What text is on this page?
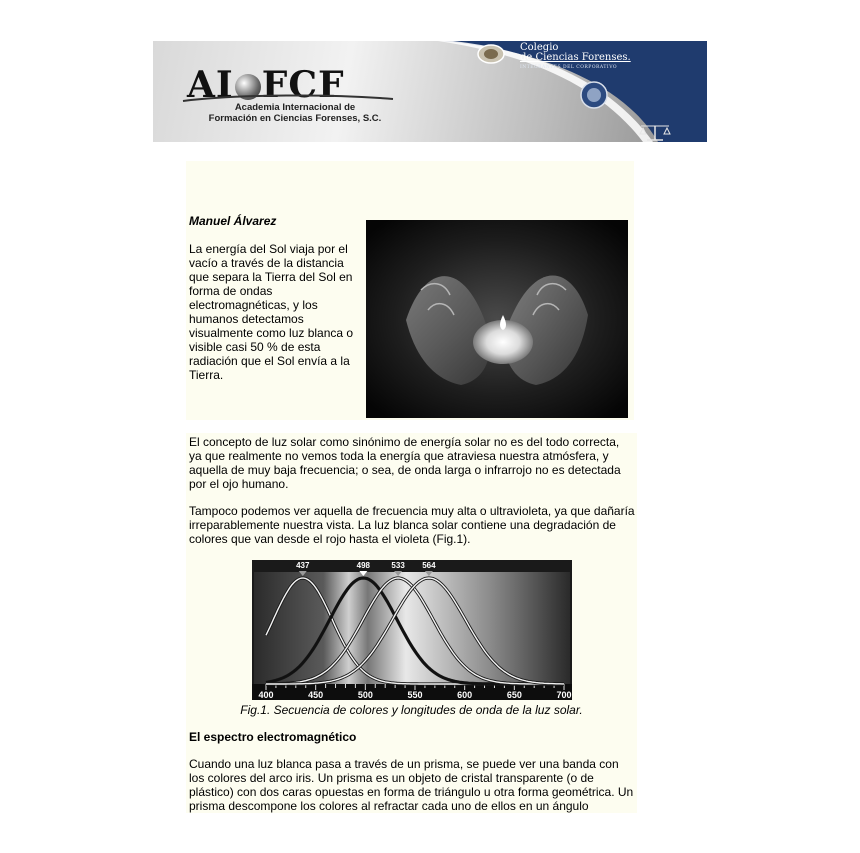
AI FCF
Academia Internacional de
Formación en Ciencias Forenses, S.C.
Colegio
de Ciencias Forenses.
INTEGRANTES DEL CORPORATIVO
Manuel Álvarez
La energía del Sol viaja por el vacío a través de la distancia que separa la Tierra del Sol en forma de ondas electromagnéticas, y los humanos detectamos visualmente como luz blanca o visible casi 50 % de esta radiación que el Sol envía a la Tierra.

El concepto de luz solar como sinónimo de energía solar no es del todo correcta, ya que realmente no vemos toda la energía que atraviesa nuestra atmósfera, y aquella de muy baja frecuencia; o sea, de onda larga o infrarrojo no es detectada por el ojo humano.

Tampoco podemos ver aquella de frecuencia muy alta o ultravioleta, ya que dañaría irreparablemente nuestra vista. La luz blanca solar contiene una degradación de colores que van desde el rojo hasta el violeta (Fig.1).

400	450	500	550	600	650	700
437	498	533 564
Fig.1. Secuencia de colores y longitudes de onda de la luz solar.
El espectro electromagnético

Cuando una luz blanca pasa a través de un prisma, se puede ver una banda con los colores del arco iris. Un prisma es un objeto de cristal transparente (o de plástico) con dos caras opuestas en forma de triángulo u otra forma geométrica. Un prisma descompone los colores al refractar cada uno de ellos en un ángulo
